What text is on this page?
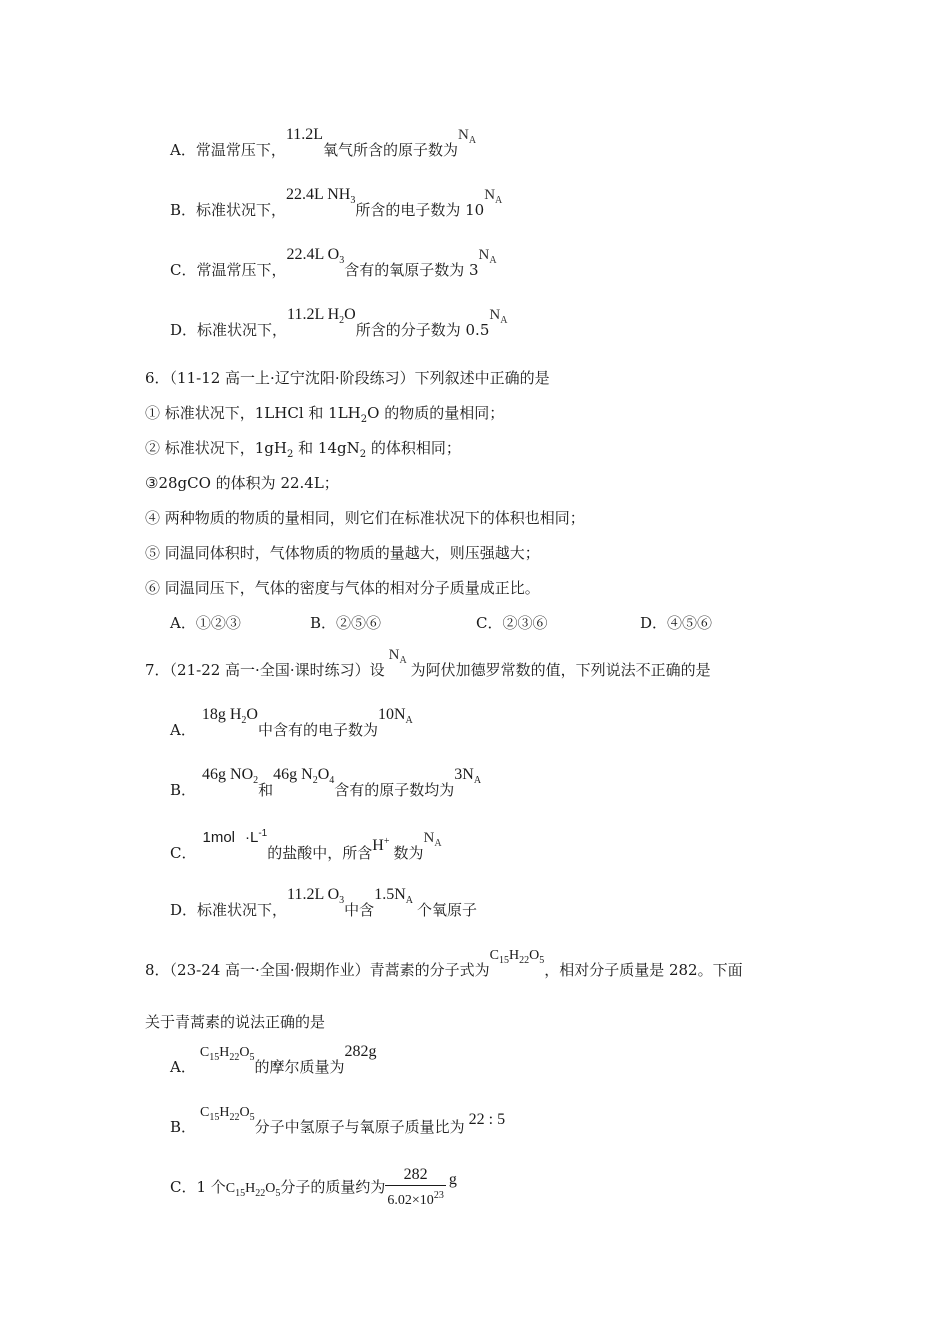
A．常温常压下，11.2L氧气所含的原子数为$N_A$
B．标准状况下，22.4L $NH_3$所含的电子数为 $10N_A$
C．常温常压下，22.4L $O_3$含有的氧原子数为 $3N_A$
D．标准状况下，11.2L $H_2O$所含的分子数为 $0.5N_A$
6．（11-12 高一上·辽宁沈阳·阶段练习）下列叙述中正确的是
① 标准状况下，1LHCl 和 $1LH_2O$ 的物质的量相同；
② 标准状况下，$1gH_2$ 和 $14gN_2$ 的体积相同；
③28gCO 的体积为 22.4L；
④ 两种物质的物质的量相同，则它们在标准状况下的体积也相同；
⑤ 同温同体积时，气体物质的物质的量越大，则压强越大；
⑥ 同温同压下，气体的密度与气体的相对分子质量成正比。
A．①②③	B．②⑤⑥	C．②③⑥	D．④⑤⑥
7．（21-22 高一·全国·课时练习）设$N_A$为阿伏加德罗常数的值，下列说法不正确的是
A．18g $H_2O$中含有的电子数为$10N_A$
B．46g $NO_2$和46g $N_2O_4$含有的原子数均为$3N_A$
C．$1mol \cdot L^{-1}$的盐酸中，所含H+数为$N_A$
D．标准状况下，11.2L $O_3$中含$1.5N_A$个氧原子
8．（23-24 高一·全国·假期作业）青蒿素的分子式为$C_{15}H_{22}O_5$，相对分子质量是 282。下面
关于青蒿素的说法正确的是
A．$C_{15}H_{22}O_5$的摩尔质量为282g
B．$C_{15}H_{22}O_5$分子中氢原子与氧原子质量比为 22 : 5
C．1 个$C_{15}H_{22}O_5$分子的质量约为 $\frac{282}{6.02\times 10^{23}}$ g
